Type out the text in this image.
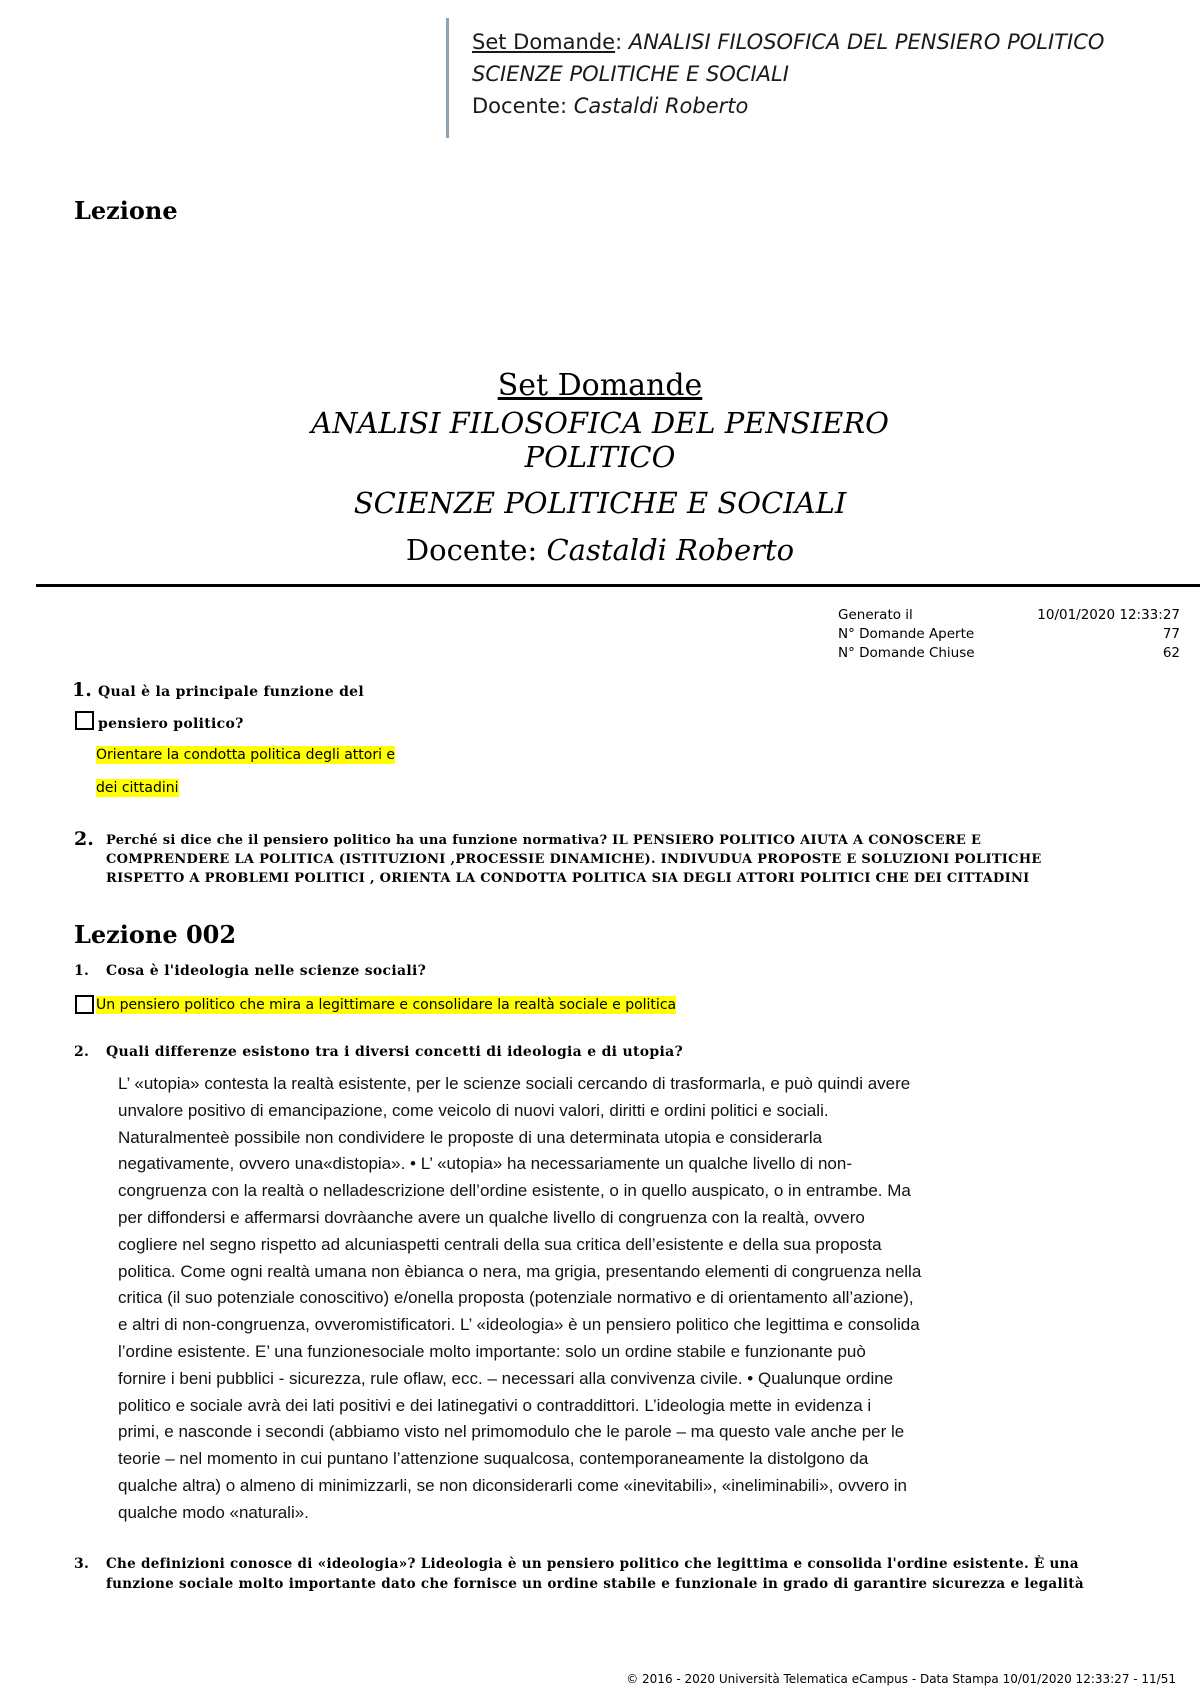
Set Domande: ANALISI FILOSOFICA DEL PENSIERO POLITICO
SCIENZE POLITICHE E SOCIALI
Docente: Castaldi Roberto
Lezione
Set Domande
ANALISI FILOSOFICA DEL PENSIERO
POLITICO
SCIENZE POLITICHE E SOCIALI
Docente: Castaldi Roberto
Generato il	10/01/2020 12:33:27
N° Domande Aperte	77
N° Domande Chiuse	62
1. Qual è la principale funzione del
pensiero politico?
Orientare la condotta politica degli attori e
dei cittadini
2. Perché si dice che il pensiero politico ha una funzione normativa? IL PENSIERO POLITICO AIUTA A CONOSCERE E
COMPRENDERE LA POLITICA (ISTITUZIONI ,PROCESSIE DINAMICHE). INDIVUDUA PROPOSTE E SOLUZIONI POLITICHE
RISPETTO A PROBLEMI POLITICI , ORIENTA LA CONDOTTA POLITICA SIA DEGLI ATTORI POLITICI CHE DEI CITTADINI
Lezione 002
1. Cosa è l'ideologia nelle scienze sociali?
Un pensiero politico che mira a legittimare e consolidare la realtà sociale e politica
2. Quali differenze esistono tra i diversi concetti di ideologia e di utopia?
L’ «utopia» contesta la realtà esistente, per le scienze sociali cercando di trasformarla, e può quindi avere
unvalore positivo di emancipazione, come veicolo di nuovi valori, diritti e ordini politici e sociali.
Naturalmenteè possibile non condividere le proposte di una determinata utopia e considerarla
negativamente, ovvero una«distopia». • L’ «utopia» ha necessariamente un qualche livello di non-
congruenza con la realtà o nelladescrizione dell’ordine esistente, o in quello auspicato, o in entrambe. Ma
per diffondersi e affermarsi dovràanche avere un qualche livello di congruenza con la realtà, ovvero
cogliere nel segno rispetto ad alcuniaspetti centrali della sua critica dell’esistente e della sua proposta
politica. Come ogni realtà umana non èbianca o nera, ma grigia, presentando elementi di congruenza nella
critica (il suo potenziale conoscitivo) e/onella proposta (potenziale normativo e di orientamento all’azione),
e altri di non-congruenza, ovveromistificatori. L’ «ideologia» è un pensiero politico che legittima e consolida
l’ordine esistente. E’ una funzionesociale molto importante: solo un ordine stabile e funzionante può
fornire i beni pubblici - sicurezza, rule oflaw, ecc. – necessari alla convivenza civile. • Qualunque ordine
politico e sociale avrà dei lati positivi e dei latinegativi o contraddittori. L’ideologia mette in evidenza i
primi, e nasconde i secondi (abbiamo visto nel primomodulo che le parole – ma questo vale anche per le
teorie – nel momento in cui puntano l’attenzione suqualcosa, contemporaneamente la distolgono da
qualche altra) o almeno di minimizzarli, se non diconsiderarli come «inevitabili», «ineliminabili», ovvero in
qualche modo «naturali».
3. Che definizioni conosce di «ideologia»? Lideologia è un pensiero politico che legittima e consolida l'ordine esistente. È una
funzione sociale molto importante dato che fornisce un ordine stabile e funzionale in grado di garantire sicurezza e legalità
© 2016 - 2020 Università Telematica eCampus - Data Stampa 10/01/2020 12:33:27 - 11/51
